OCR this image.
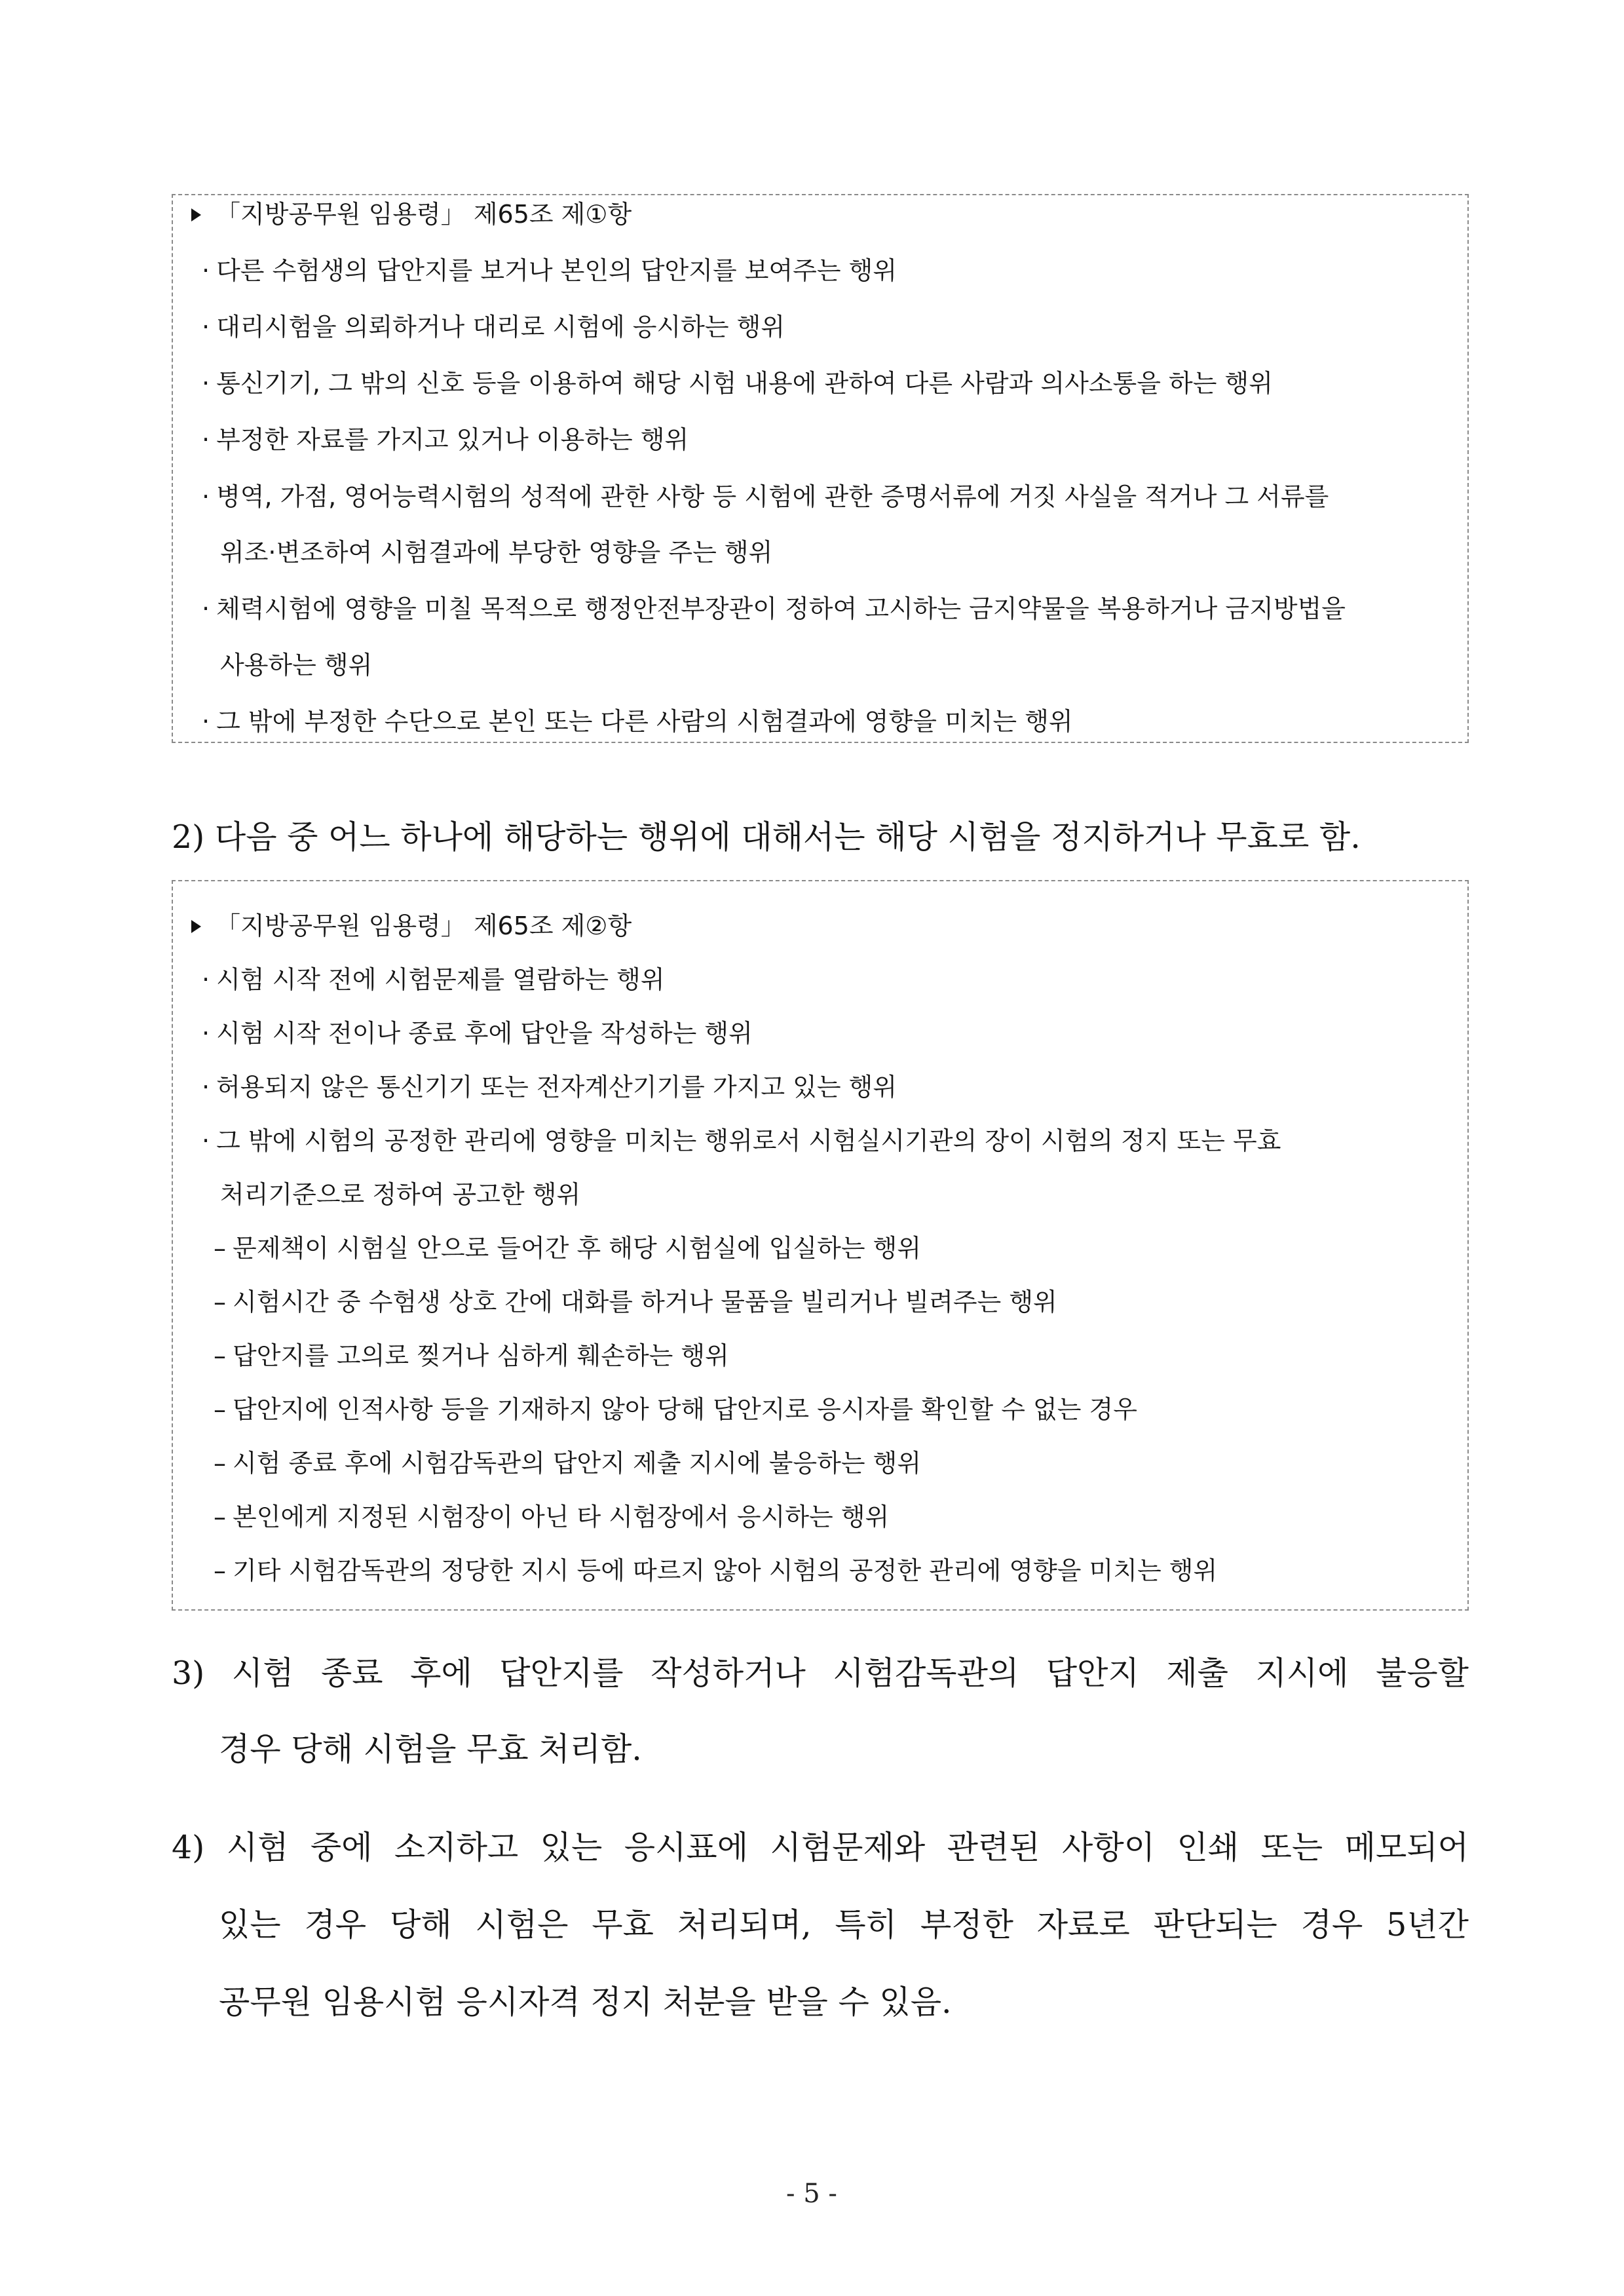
「지방공무원 임용령」 제65조 제①항
· 다른 수험생의 답안지를 보거나 본인의 답안지를 보여주는 행위
· 대리시험을 의뢰하거나 대리로 시험에 응시하는 행위
· 통신기기, 그 밖의 신호 등을 이용하여 해당 시험 내용에 관하여 다른 사람과 의사소통을 하는 행위
· 부정한 자료를 가지고 있거나 이용하는 행위
· 병역, 가점, 영어능력시험의 성적에 관한 사항 등 시험에 관한 증명서류에 거짓 사실을 적거나 그 서류를
위조·변조하여 시험결과에 부당한 영향을 주는 행위
· 체력시험에 영향을 미칠 목적으로 행정안전부장관이 정하여 고시하는 금지약물을 복용하거나 금지방법을
사용하는 행위
· 그 밖에 부정한 수단으로 본인 또는 다른 사람의 시험결과에 영향을 미치는 행위
2) 다음 중 어느 하나에 해당하는 행위에 대해서는 해당 시험을 정지하거나 무효로 함.
「지방공무원 임용령」 제65조 제②항
· 시험 시작 전에 시험문제를 열람하는 행위
· 시험 시작 전이나 종료 후에 답안을 작성하는 행위
· 허용되지 않은 통신기기 또는 전자계산기기를 가지고 있는 행위
· 그 밖에 시험의 공정한 관리에 영향을 미치는 행위로서 시험실시기관의 장이 시험의 정지 또는 무효
처리기준으로 정하여 공고한 행위
– 문제책이 시험실 안으로 들어간 후 해당 시험실에 입실하는 행위
– 시험시간 중 수험생 상호 간에 대화를 하거나 물품을 빌리거나 빌려주는 행위
– 답안지를 고의로 찢거나 심하게 훼손하는 행위
– 답안지에 인적사항 등을 기재하지 않아 당해 답안지로 응시자를 확인할 수 없는 경우
– 시험 종료 후에 시험감독관의 답안지 제출 지시에 불응하는 행위
– 본인에게 지정된 시험장이 아닌 타 시험장에서 응시하는 행위
– 기타 시험감독관의 정당한 지시 등에 따르지 않아 시험의 공정한 관리에 영향을 미치는 행위
3) 시험 종료 후에 답안지를 작성하거나 시험감독관의 답안지 제출 지시에 불응할
경우 당해 시험을 무효 처리함.
4) 시험 중에 소지하고 있는 응시표에 시험문제와 관련된 사항이 인쇄 또는 메모되어
있는 경우 당해 시험은 무효 처리되며, 특히 부정한 자료로 판단되는 경우 5년간
공무원 임용시험 응시자격 정지 처분을 받을 수 있음.
- 5 -
